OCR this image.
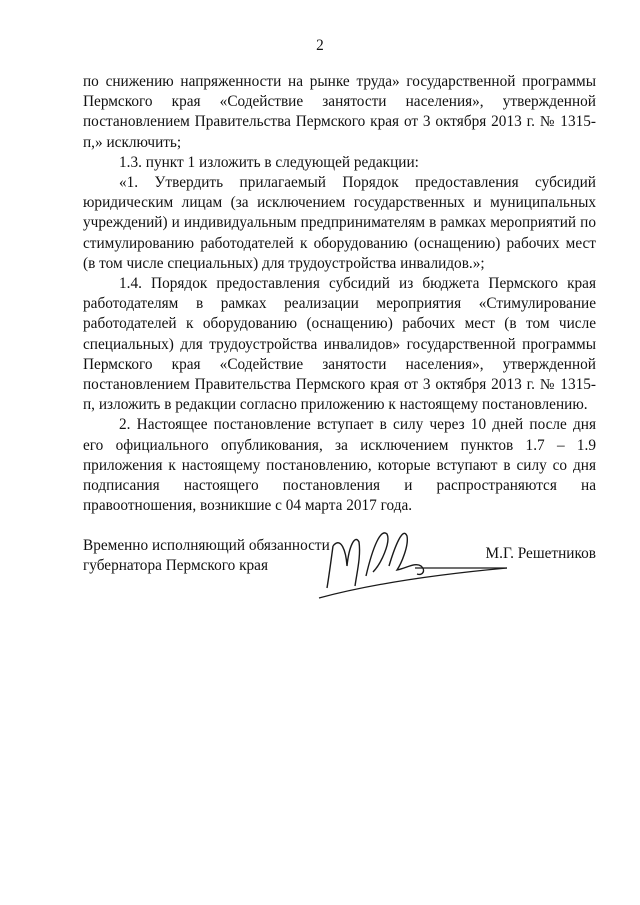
2

по снижению напряженности на рынке труда» государственной программы Пермского края «Содействие занятости населения», утвержденной постановлением Правительства Пермского края от 3 октября 2013 г. № 1315-п,» исключить;

1.3. пункт 1 изложить в следующей редакции:

«1. Утвердить прилагаемый Порядок предоставления субсидий юридическим лицам (за исключением государственных и муниципальных учреждений) и индивидуальным предпринимателям в рамках мероприятий по стимулированию работодателей к оборудованию (оснащению) рабочих мест (в том числе специальных) для трудоустройства инвалидов.»;

1.4. Порядок предоставления субсидий из бюджета Пермского края работодателям в рамках реализации мероприятия «Стимулирование работодателей к оборудованию (оснащению) рабочих мест (в том числе специальных) для трудоустройства инвалидов» государственной программы Пермского края «Содействие занятости населения», утвержденной постановлением Правительства Пермского края от 3 октября 2013 г. № 1315-п, изложить в редакции согласно приложению к настоящему постановлению.

2. Настоящее постановление вступает в силу через 10 дней после дня его официального опубликования, за исключением пунктов 1.7 – 1.9 приложения к настоящему постановлению, которые вступают в силу со дня подписания настоящего постановления и распространяются на правоотношения, возникшие с 04 марта 2017 года.

Временно исполняющий обязанности
губернатора Пермского края
М.Г. Решетников
